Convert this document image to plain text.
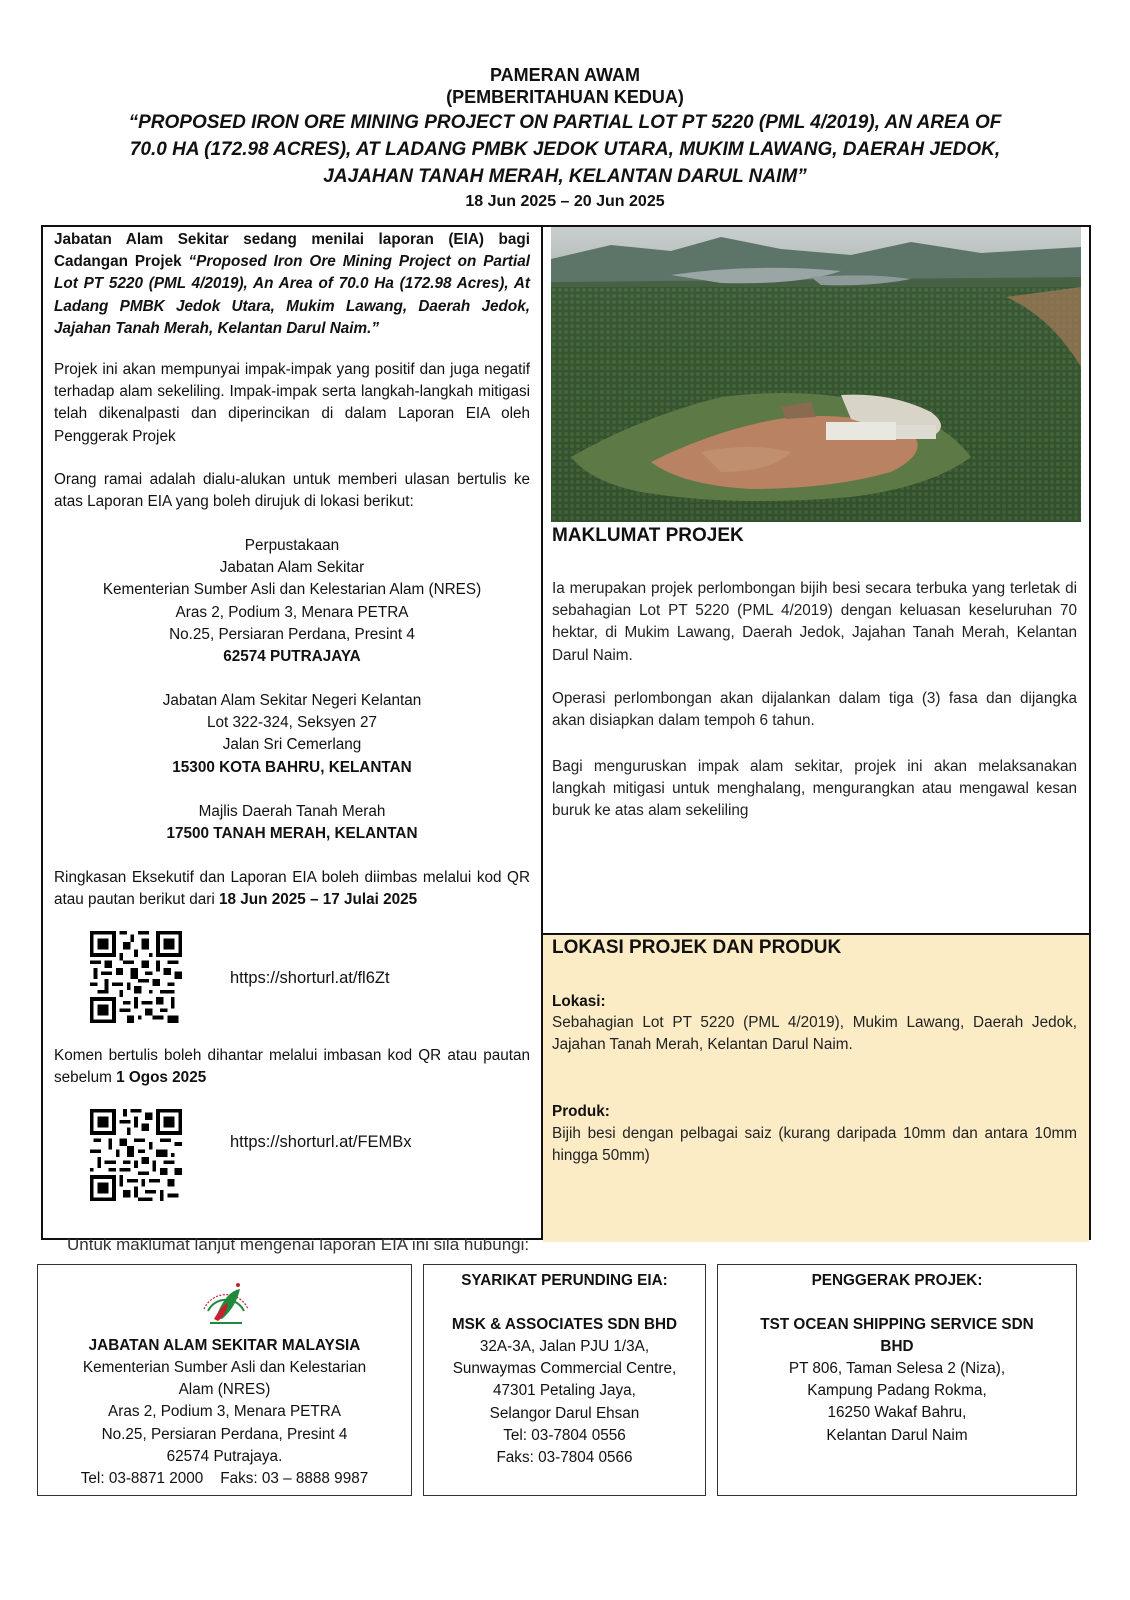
PAMERAN AWAM
(PEMBERITAHUAN KEDUA)
“PROPOSED IRON ORE MINING PROJECT ON PARTIAL LOT PT 5220 (PML 4/2019), AN AREA OF
70.0 HA (172.98 ACRES), AT LADANG PMBK JEDOK UTARA, MUKIM LAWANG, DAERAH JEDOK,
JAJAHAN TANAH MERAH, KELANTAN DARUL NAIM”
18 Jun 2025 – 20 Jun 2025
Jabatan Alam Sekitar sedang menilai laporan (EIA) bagi Cadangan Projek “Proposed Iron Ore Mining Project on Partial Lot PT 5220 (PML 4/2019), An Area of 70.0 Ha (172.98 Acres), At Ladang PMBK Jedok Utara, Mukim Lawang, Daerah Jedok, Jajahan Tanah Merah, Kelantan Darul Naim.”
Projek ini akan mempunyai impak-impak yang positif dan juga negatif terhadap alam sekeliling. Impak-impak serta langkah-langkah mitigasi telah dikenalpasti dan diperincikan di dalam Laporan EIA oleh Penggerak Projek
Orang ramai adalah dialu-alukan untuk memberi ulasan bertulis ke atas Laporan EIA yang boleh dirujuk di lokasi berikut:
Perpustakaan
Jabatan Alam Sekitar
Kementerian Sumber Asli dan Kelestarian Alam (NRES)
Aras 2, Podium 3, Menara PETRA
No.25, Persiaran Perdana, Presint 4
62574 PUTRAJAYA
Jabatan Alam Sekitar Negeri Kelantan
Lot 322-324, Seksyen 27
Jalan Sri Cemerlang
15300 KOTA BAHRU, KELANTAN
Majlis Daerah Tanah Merah
17500 TANAH MERAH, KELANTAN
Ringkasan Eksekutif dan Laporan EIA boleh diimbas melalui kod QR atau pautan berikut dari 18 Jun 2025 – 17 Julai 2025
https://shorturl.at/fl6Zt
Komen bertulis boleh dihantar melalui imbasan kod QR atau pautan sebelum 1 Ogos 2025
https://shorturl.at/FEMBx
MAKLUMAT PROJEK
Ia merupakan projek perlombongan bijih besi secara terbuka yang terletak di sebahagian Lot PT 5220 (PML 4/2019) dengan keluasan keseluruhan 70 hektar, di Mukim Lawang, Daerah Jedok, Jajahan Tanah Merah, Kelantan Darul Naim.
Operasi perlombongan akan dijalankan dalam tiga (3) fasa dan dijangka akan disiapkan dalam tempoh 6 tahun.
Bagi menguruskan impak alam sekitar, projek ini akan melaksanakan langkah mitigasi untuk menghalang, mengurangkan atau mengawal kesan buruk ke atas alam sekeliling
LOKASI PROJEK DAN PRODUK
Lokasi:
Sebahagian Lot PT 5220 (PML 4/2019), Mukim Lawang, Daerah Jedok, Jajahan Tanah Merah, Kelantan Darul Naim.
Produk:
Bijih besi dengan pelbagai saiz (kurang daripada 10mm dan antara 10mm hingga 50mm)
Untuk maklumat lanjut mengenai laporan EIA ini sila hubungi:
JABATAN ALAM SEKITAR MALAYSIA
Kementerian Sumber Asli dan Kelestarian
Alam (NRES)
Aras 2, Podium 3, Menara PETRA
No.25, Persiaran Perdana, Presint 4
62574 Putrajaya.
Tel: 03-8871 2000    Faks: 03 – 8888 9987
SYARIKAT PERUNDING EIA:
MSK & ASSOCIATES SDN BHD
32A-3A, Jalan PJU 1/3A,
Sunwaymas Commercial Centre,
47301 Petaling Jaya,
Selangor Darul Ehsan
Tel: 03-7804 0556
Faks: 03-7804 0566
PENGGERAK PROJEK:
TST OCEAN SHIPPING SERVICE SDN
BHD
PT 806, Taman Selesa 2 (Niza),
Kampung Padang Rokma,
16250 Wakaf Bahru,
Kelantan Darul Naim
